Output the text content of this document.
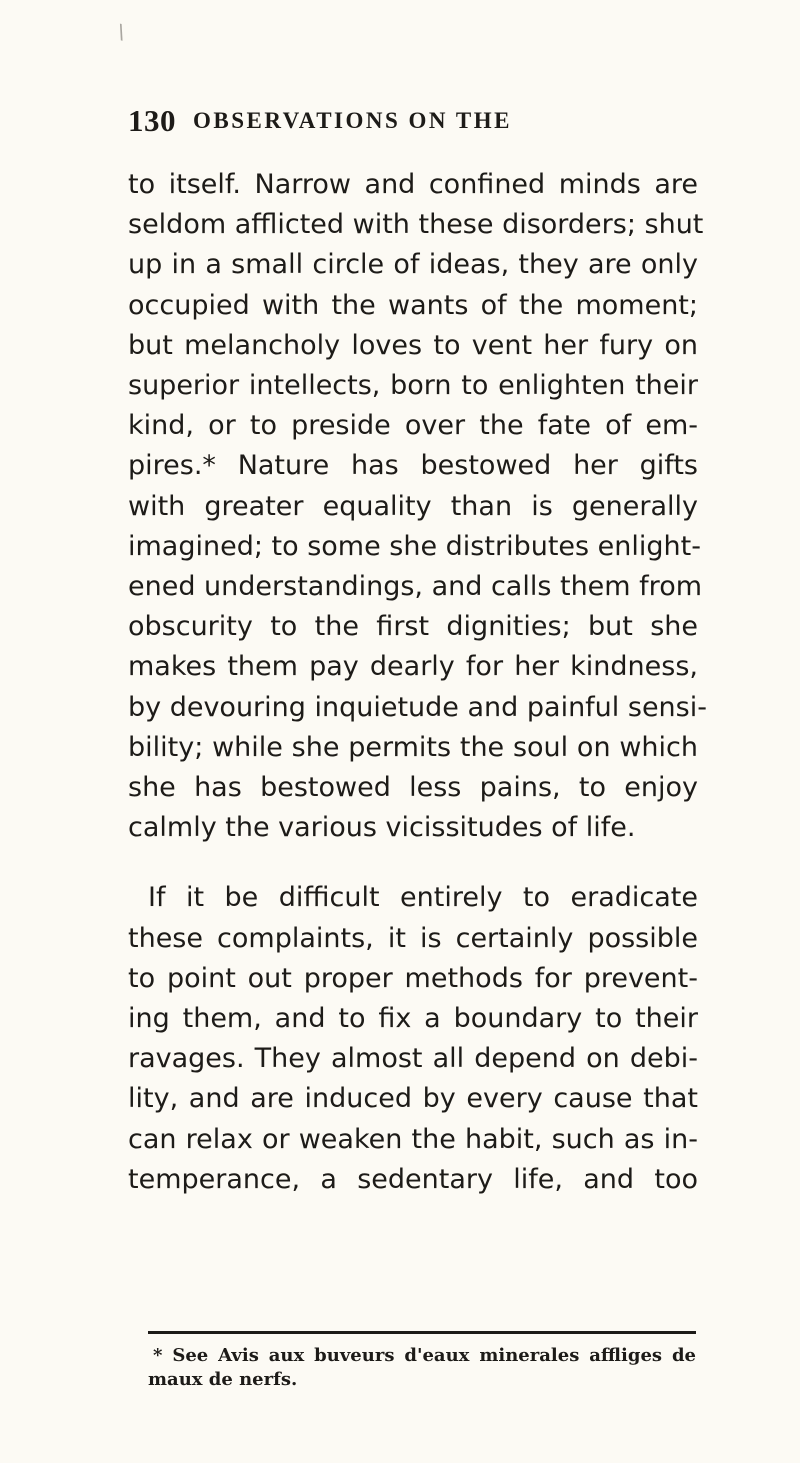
\
130 OBSERVATIONS ON THE
to itself. Narrow and confined minds are
seldom afflicted with these disorders; shut
up in a small circle of ideas, they are only
occupied with the wants of the moment;
but melancholy loves to vent her fury on
superior intellects, born to enlighten their
kind, or to preside over the fate of em-
pires.* Nature has bestowed her gifts
with greater equality than is generally
imagined; to some she distributes enlight-
ened understandings, and calls them from
obscurity to the first dignities; but she
makes them pay dearly for her kindness,
by devouring inquietude and painful sensi-
bility; while she permits the soul on which
she has bestowed less pains, to enjoy
calmly the various vicissitudes of life.
If it be difficult entirely to eradicate
these complaints, it is certainly possible
to point out proper methods for prevent-
ing them, and to fix a boundary to their
ravages. They almost all depend on debi-
lity, and are induced by every cause that
can relax or weaken the habit, such as in-
temperance, a sedentary life, and too
* See Avis aux buveurs d'eaux minerales affliges de
maux de nerfs.
